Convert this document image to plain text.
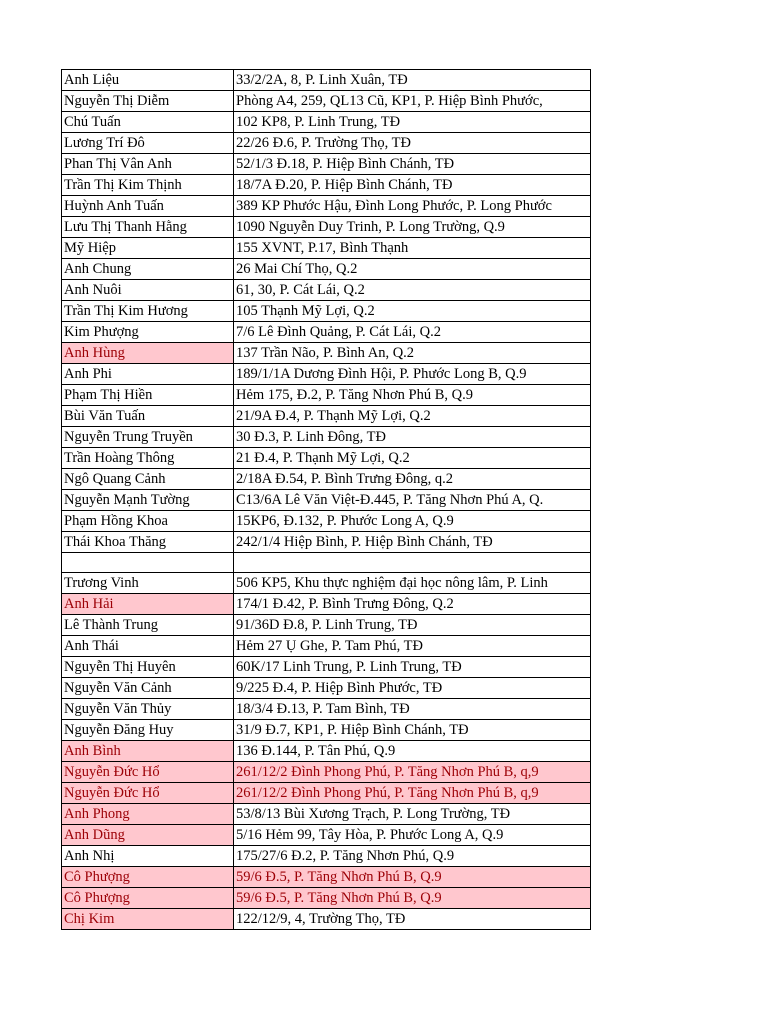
Anh Liệu	33/2/2A, 8, P. Linh Xuân, TĐ
Nguyễn Thị Diễm	Phòng A4, 259, QL13 Cũ, KP1, P. Hiệp Bình Phước,
Chú Tuấn	102 KP8, P. Linh Trung, TĐ
Lương Trí Đô	22/26 Đ.6, P. Trường Thọ, TĐ
Phan Thị Vân Anh	52/1/3 Đ.18, P. Hiệp Bình Chánh, TĐ
Trần Thị Kim Thịnh	18/7A Đ.20, P. Hiệp Bình Chánh, TĐ
Huỳnh Anh Tuấn	389 KP Phước Hậu, Đình Long Phước, P. Long Phước
Lưu Thị Thanh Hằng	1090 Nguyễn Duy Trinh, P. Long Trường, Q.9
Mỹ Hiệp	155 XVNT, P.17, Bình Thạnh
Anh Chung	26 Mai Chí Thọ, Q.2
Anh Nuôi	61, 30, P. Cát Lái, Q.2
Trần Thị Kim Hương	105 Thạnh Mỹ Lợi, Q.2
Kim Phượng	7/6 Lê Đình Quảng, P. Cát Lái, Q.2
Anh Hùng	137 Trần Não, P. Bình An, Q.2
Anh Phi	189/1/1A Dương Đình Hội, P. Phước Long B, Q.9
Phạm Thị Hiền	Hẻm 175, Đ.2, P. Tăng Nhơn Phú B, Q.9
Bùi Văn Tuấn	21/9A Đ.4, P. Thạnh Mỹ Lợi, Q.2
Nguyễn Trung Truyền	30 Đ.3, P. Linh Đông, TĐ
Trần Hoàng Thông	21 Đ.4, P. Thạnh Mỹ Lợi, Q.2
Ngô Quang Cảnh	2/18A Đ.54, P. Bình Trưng Đông, q.2
Nguyễn Mạnh Tường	C13/6A Lê Văn Việt-Đ.445, P. Tăng Nhơn Phú A, Q.
Phạm Hồng Khoa	15KP6, Đ.132, P. Phước Long A, Q.9
Thái Khoa Thăng	242/1/4 Hiệp Bình, P. Hiệp Bình Chánh, TĐ

Trương Vinh	506 KP5, Khu thực nghiệm đại học nông lâm, P. Linh
Anh Hải	174/1 Đ.42, P. Bình Trưng Đông, Q.2
Lê Thành Trung	91/36D Đ.8, P. Linh Trung, TĐ
Anh Thái	Hẻm 27 Ụ Ghe, P. Tam Phú, TĐ
Nguyễn Thị Huyên	60K/17 Linh Trung, P. Linh Trung, TĐ
Nguyễn Văn Cảnh	9/225 Đ.4, P. Hiệp Bình Phước, TĐ
Nguyễn Văn Thủy	18/3/4 Đ.13, P. Tam Bình, TĐ
Nguyễn Đăng Huy	31/9 Đ.7, KP1, P. Hiệp Bình Chánh, TĐ
Anh Bình	136 Đ.144, P. Tân Phú, Q.9
Nguyễn Đức Hổ	261/12/2 Đình Phong Phú, P. Tăng Nhơn Phú B, q,9
Nguyễn Đức Hổ	261/12/2 Đình Phong Phú, P. Tăng Nhơn Phú B, q,9
Anh Phong	53/8/13 Bùi Xương Trạch, P. Long Trường, TĐ
Anh Dũng	5/16 Hẻm 99, Tây Hòa, P. Phước Long A, Q.9
Anh Nhị	175/27/6 Đ.2, P. Tăng Nhơn Phú, Q.9
Cô Phượng	59/6 Đ.5, P. Tăng Nhơn Phú B, Q.9
Cô Phượng	59/6 Đ.5, P. Tăng Nhơn Phú B, Q.9
Chị Kim	122/12/9, 4, Trường Thọ, TĐ
